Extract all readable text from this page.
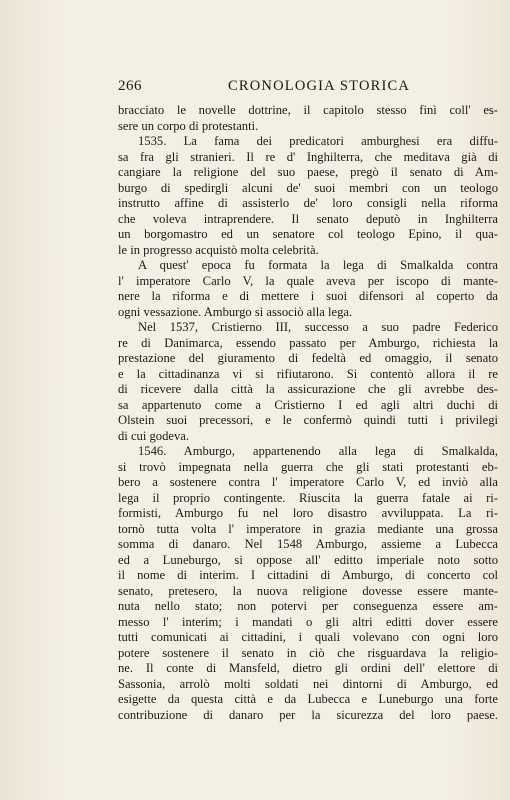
266	CRONOLOGIA STORICA
bracciato le novelle dottrine, il capitolo stesso finì coll' es-
sere un corpo di protestanti.
1535. La fama dei predicatori amburghesi era diffu-
sa fra gli stranieri. Il re d' Inghilterra, che meditava già di
cangiare la religione del suo paese, pregò il senato di Am-
burgo di spedirgli alcuni de' suoi membri con un teologo
instrutto affine di assisterlo de' loro consigli nella riforma
che voleva intraprendere. Il senato deputò in Inghilterra
un borgomastro ed un senatore col teologo Epino, il qua-
le in progresso acquistò molta celebrità.
A quest' epoca fu formata la lega di Smalkalda contra
l' imperatore Carlo V, la quale aveva per iscopo di mante-
nere la riforma e di mettere i suoi difensori al coperto da
ogni vessazione. Amburgo si associò alla lega.
Nel 1537, Cristierno III, successo a suo padre Federico
re di Danimarca, essendo passato per Amburgo, richiesta la
prestazione del giuramento di fedeltà ed omaggio, il senato
e la cittadinanza vi si rifiutarono. Si contentò allora il re
di ricevere dalla città la assicurazione che gli avrebbe des-
sa appartenuto come a Cristierno I ed agli altri duchi di
Olstein suoi precessori, e le confermò quindi tutti i privilegi
di cui godeva.
1546. Amburgo, appartenendo alla lega di Smalkalda,
si trovò impegnata nella guerra che gli stati protestanti eb-
bero a sostenere contra l' imperatore Carlo V, ed inviò alla
lega il proprio contingente. Riuscita la guerra fatale ai ri-
formisti, Amburgo fu nel loro disastro avviluppata. La ri-
tornò tutta volta l' imperatore in grazia mediante una grossa
somma di danaro. Nel 1548 Amburgo, assieme a Lubecca
ed a Luneburgo, si oppose all' editto imperiale noto sotto
il nome di interim. I cittadini di Amburgo, di concerto col
senato, pretesero, la nuova religione dovesse essere mante-
nuta nello stato; non potervi per conseguenza essere am-
messo l' interim; i mandati o gli altri editti dover essere
tutti comunicati ai cittadini, i quali volevano con ogni loro
potere sostenere il senato in ciò che risguardava la religio-
ne. Il conte di Mansfeld, dietro gli ordini dell' elettore di
Sassonia, arrolò molti soldati nei dintorni di Amburgo, ed
esigette da questa città e da Lubecca e Luneburgo una forte
contribuzione di danaro per la sicurezza del loro paese.
